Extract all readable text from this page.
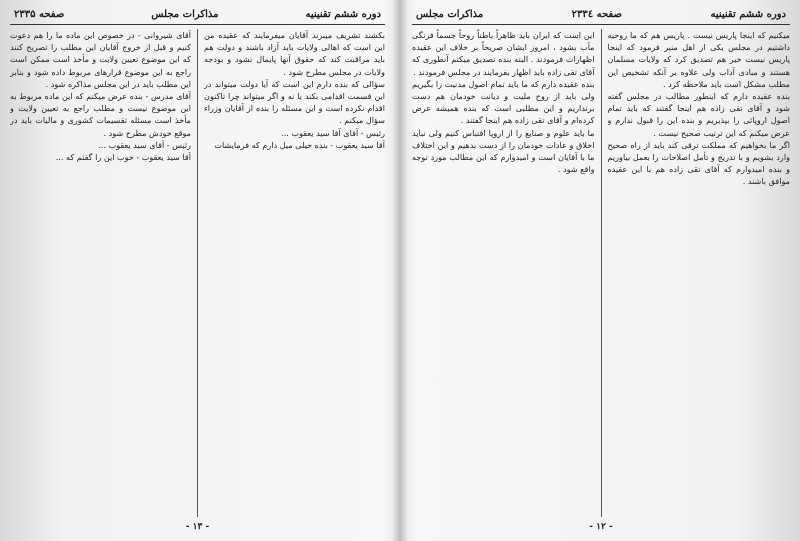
دوره ششم تقنينيه
مذاكرات مجلس
صفحه ۲۳۳۵

بکشند تشریف میبرند آقایان میفرمایند که عقیده من این است که اهالی ولایات باید آزاد باشند و دولت هم باید مراقبت کند که حقوق آنها پایمال نشود و بودجه ولایات در مجلس مطرح شود .

سؤالی که بنده دارم این است که آیا دولت میتواند در این قسمت اقدامی بکند یا نه و اگر میتواند چرا تاکنون اقدام نکرده است و این مسئله را بنده از آقایان وزراء سؤال میکنم .

رئیس - آقای آقا سید یعقوب ...

آقا سید یعقوب - بنده خیلی میل دارم که فرمایشات

آقای شیروانی - در خصوص این ماده ما را هم دعوت کنیم و قبل از خروج آقایان این مطلب را تصریح کنند که این موضوع تعیین ولایت و مأخذ است ممکن است راجع به این موضوع قرارهای مربوط داده شود و بنابر این مطلب باید در این مجلس مذاکره شود .

آقای مدرس - بنده عرض میکنم که این ماده مربوط به این موضوع نیست و مطلب راجع به تعیین ولایت و مأخذ است مسئله تقسیمات کشوری و مالیات باید در موقع خودش مطرح شود .

رئیس - آقای سید یعقوب ...

آقا سید یعقوب - خوب این را گفتم که ...

- ۱۳ -
دوره ششم تقنينيه
صفحه ۲۳۳٤
مذاكرات مجلس

میکنیم که اینجا پاریس نیست . پاریس هم که ما روحیه داشتیم در مجلس یکی از اهل منبر فرمود که اینجا پاریس نیست خیر هم تصدیق کرد که ولایات مسلمان هستند و مبادی آداب ولی علاوه بر آنکه تشخیص این مطلب مشکل است باید ملاحظه کرد .

بنده عقیده دارم که اینطور مطالب در مجلس گفته شود و آقای تقی زاده هم اینجا گفتند که باید تمام اصول اروپائی را بپذیریم و بنده این را قبول ندارم و عرض میکنم که این ترتیب صحیح نیست .

اگر ما بخواهیم که مملکت ترقی کند باید از راه صحیح وارد بشویم و با تدریج و تأمل اصلاحات را بعمل بیاوریم و بنده امیدوارم که آقای تقی زاده هم با این عقیده موافق باشند .

این است که ایران باید ظاهراً باطناً روحاً جسماً فرنگی مآب بشود ، امروز ایشان صریحاً بر خلاف این عقیده اظهارات فرمودند . البته بنده تصدیق میکنم آنطوری که آقای تقی زاده باید اظهار بفرمایند در مجلس فرمودند .

بنده عقیده دارم که ما باید تمام اصول مدنیت را بگیریم ولی باید از روح ملیت و دیانت خودمان هم دست برنداریم و این مطلبی است که بنده همیشه عرض کرده‌ام و آقای تقی زاده هم اینجا گفتند .

ما باید علوم و صنایع را از اروپا اقتباس کنیم ولی نباید اخلاق و عادات خودمان را از دست بدهیم و این اختلاف ما با آقایان است و امیدوارم که این مطالب مورد توجه واقع شود .

- ۱۲ -
